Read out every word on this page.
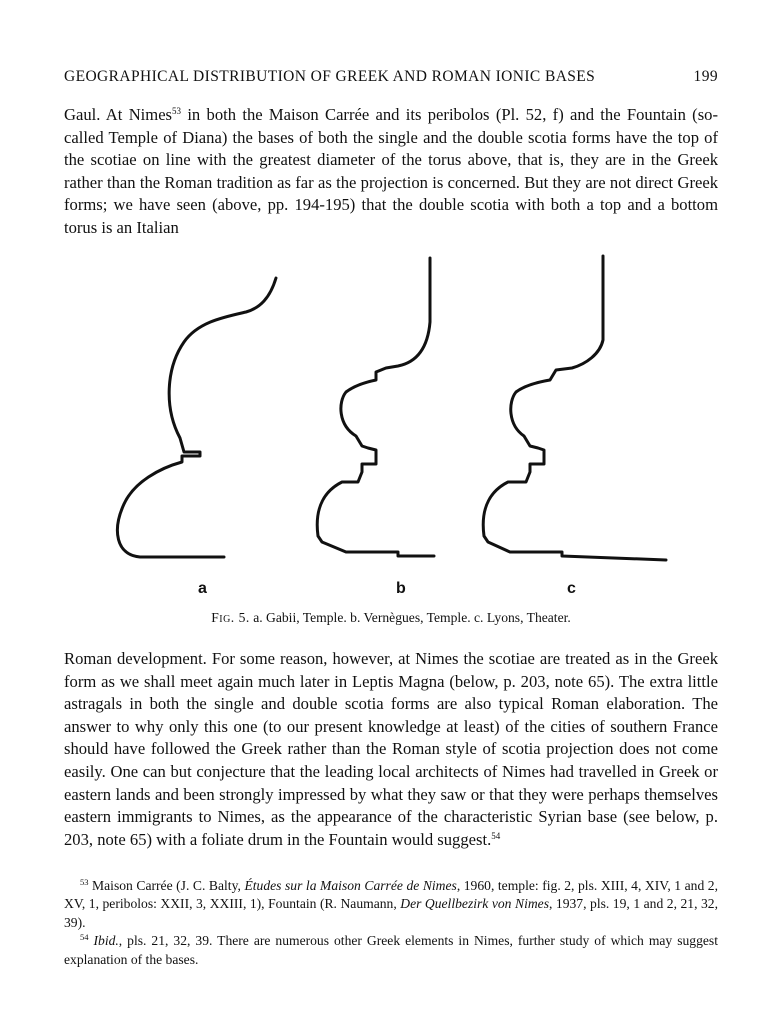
GEOGRAPHICAL DISTRIBUTION OF GREEK AND ROMAN IONIC BASES	199

Gaul. At Nimes$^{53}$ in both the Maison Carrée and its peribolos (Pl. 52, f) and the Fountain (so-called Temple of Diana) the bases of both the single and the double scotia forms have the top of the scotiae on line with the greatest diameter of the torus above, that is, they are in the Greek rather than the Roman tradition as far as the projection is concerned. But they are not direct Greek forms; we have seen (above, pp. 194-195) that the double scotia with both a top and a bottom torus is an Italian

a	b	c
Fig. 5. a. Gabii, Temple. b. Vernègues, Temple. c. Lyons, Theater.

Roman development. For some reason, however, at Nimes the scotiae are treated as in the Greek form as we shall meet again much later in Leptis Magna (below, p. 203, note 65). The extra little astragals in both the single and double scotia forms are also typical Roman elaboration. The answer to why only this one (to our present knowledge at least) of the cities of southern France should have followed the Greek rather than the Roman style of scotia projection does not come easily. One can but conjecture that the leading local architects of Nimes had travelled in Greek or eastern lands and been strongly impressed by what they saw or that they were perhaps themselves eastern immigrants to Nimes, as the appearance of the characteristic Syrian base (see below, p. 203, note 65) with a foliate drum in the Fountain would suggest.$^{54}$

$^{53}$ Maison Carrée (J. C. Balty, Études sur la Maison Carrée de Nimes, 1960, temple: fig. 2, pls. XIII, 4, XIV, 1 and 2, XV, 1, peribolos: XXII, 3, XXIII, 1), Fountain (R. Naumann, Der Quellbezirk von Nimes, 1937, pls. 19, 1 and 2, 21, 32, 39).

$^{54}$ Ibid., pls. 21, 32, 39. There are numerous other Greek elements in Nimes, further study of which may suggest explanation of the bases.
